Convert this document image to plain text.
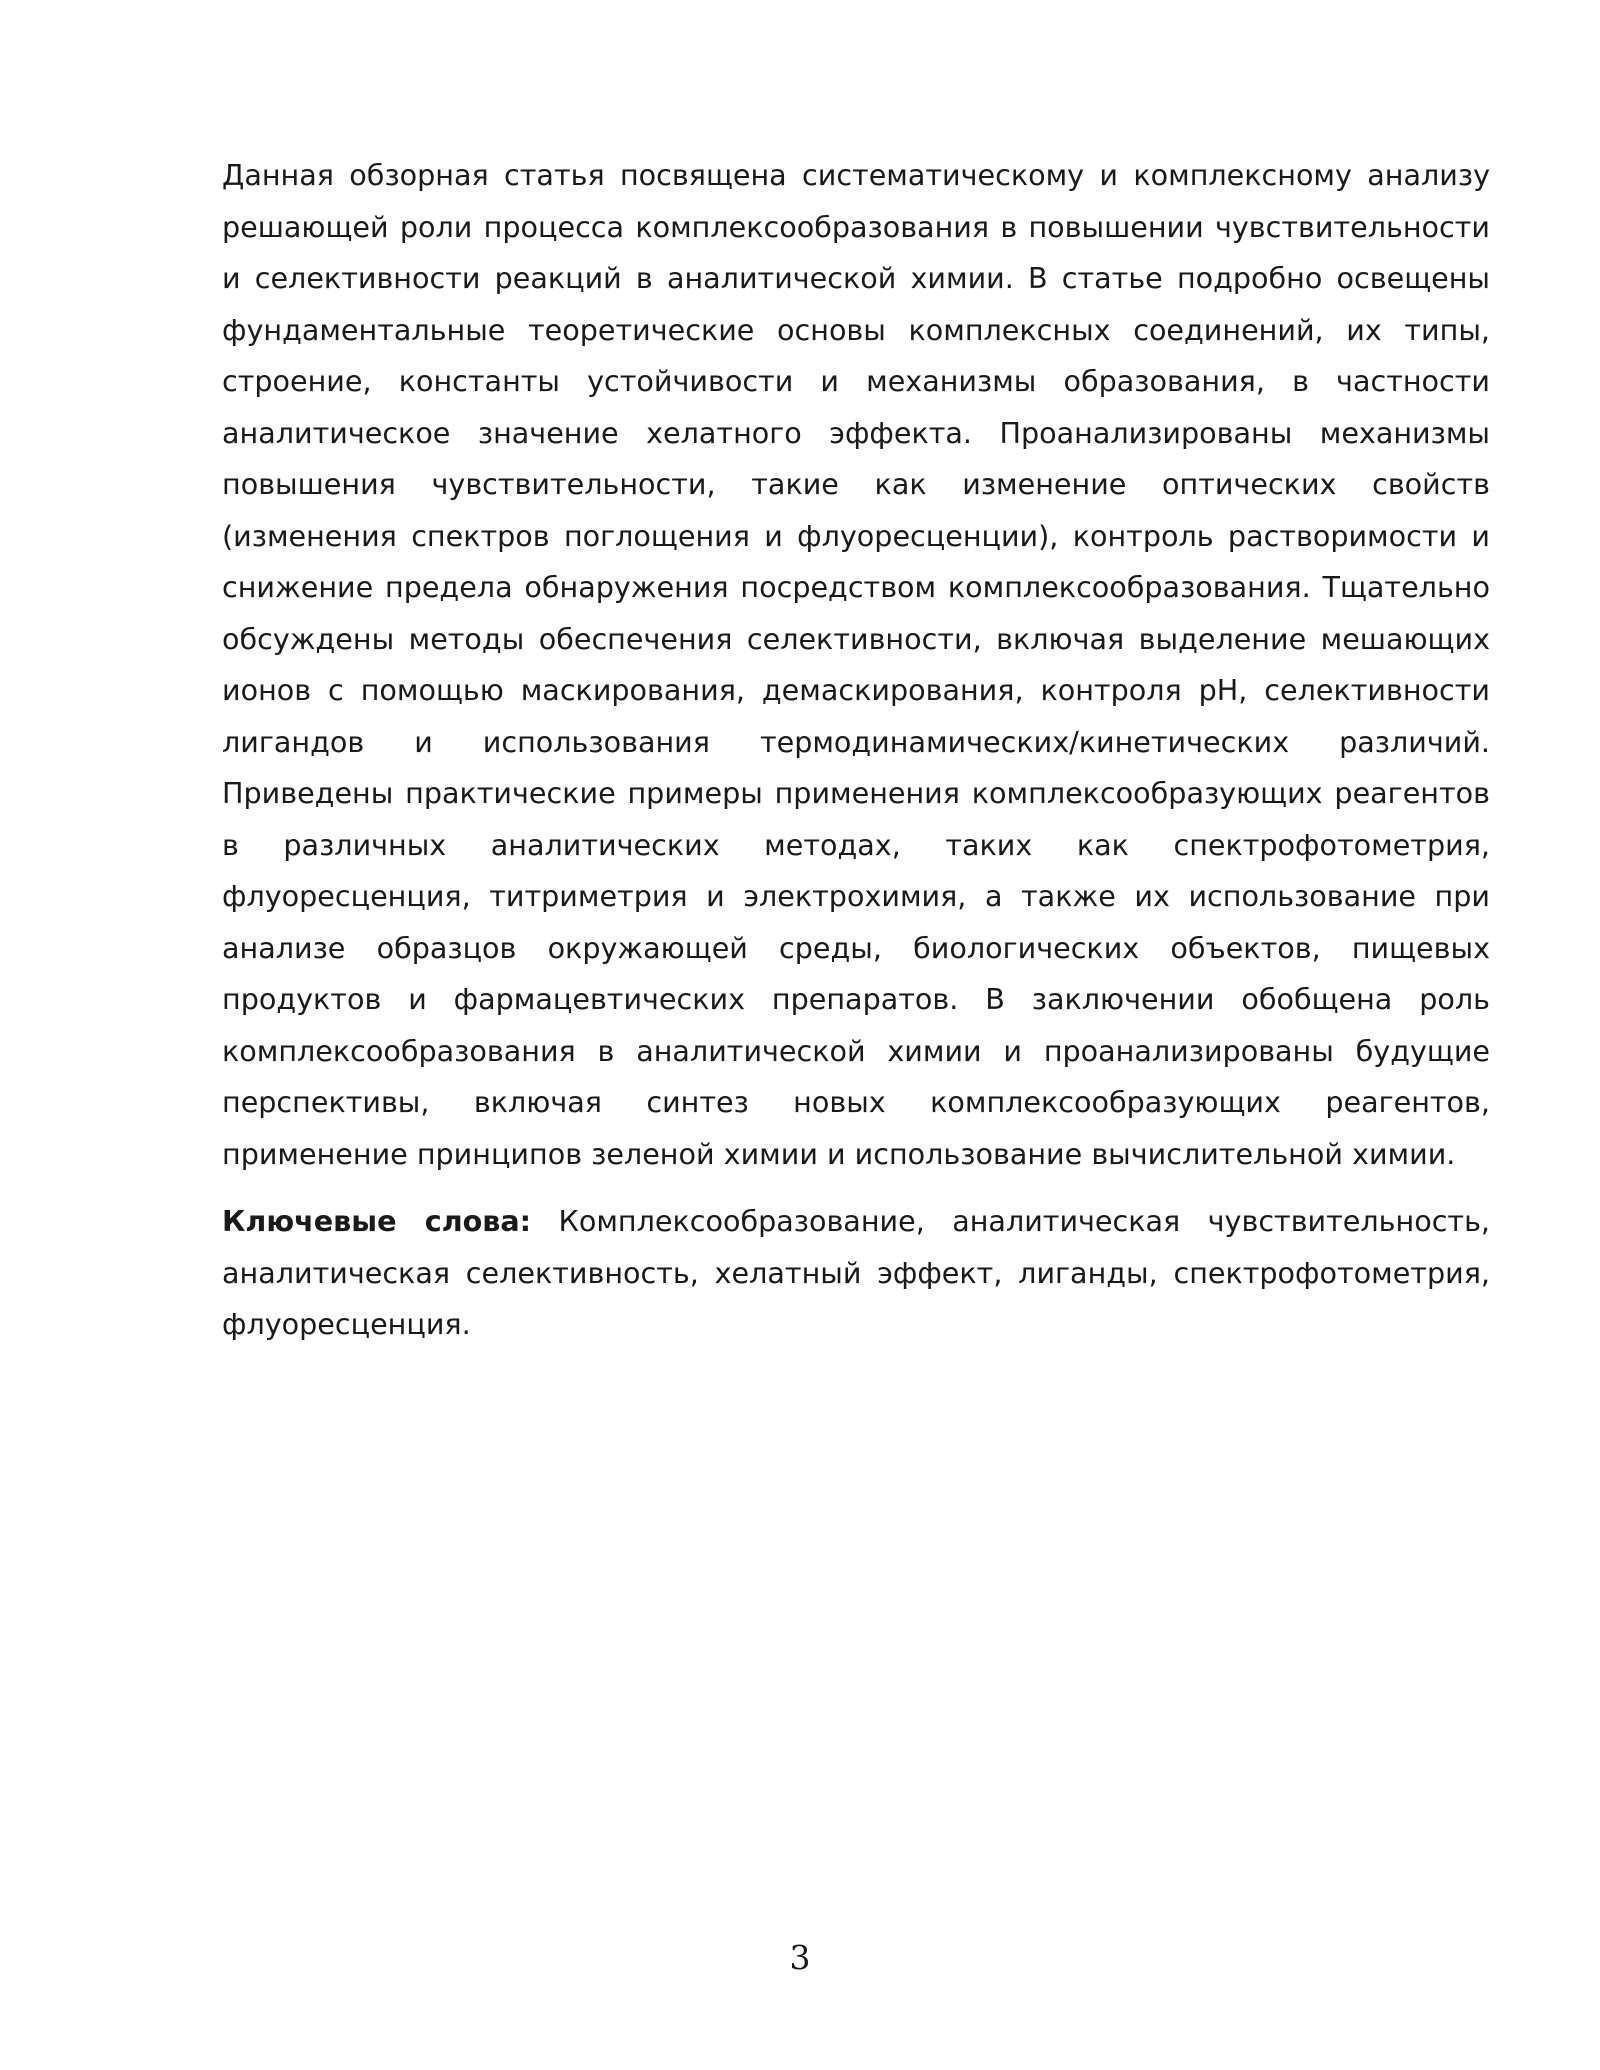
Данная обзорная статья посвящена систематическому и комплексному анализу решающей роли процесса комплексообразования в повышении чувствительности и селективности реакций в аналитической химии. В статье подробно освещены фундаментальные теоретические основы комплексных соединений, их типы, строение, константы устойчивости и механизмы образования, в частности аналитическое значение хелатного эффекта. Проанализированы механизмы повышения чувствительности, такие как изменение оптических свойств (изменения спектров поглощения и флуоресценции), контроль растворимости и снижение предела обнаружения посредством комплексообразования. Тщательно обсуждены методы обеспечения селективности, включая выделение мешающих ионов с помощью маскирования, демаскирования, контроля pH, селективности лигандов и использования термодинамических/кинетических различий. Приведены практические примеры применения комплексообразующих реагентов в различных аналитических методах, таких как спектрофотометрия, флуоресценция, титриметрия и электрохимия, а также их использование при анализе образцов окружающей среды, биологических объектов, пищевых продуктов и фармацевтических препаратов. В заключении обобщена роль комплексообразования в аналитической химии и проанализированы будущие перспективы, включая синтез новых комплексообразующих реагентов, применение принципов зеленой химии и использование вычислительной химии.

Ключевые слова: Комплексообразование, аналитическая чувствительность, аналитическая селективность, хелатный эффект, лиганды, спектрофотометрия, флуоресценция.

3
